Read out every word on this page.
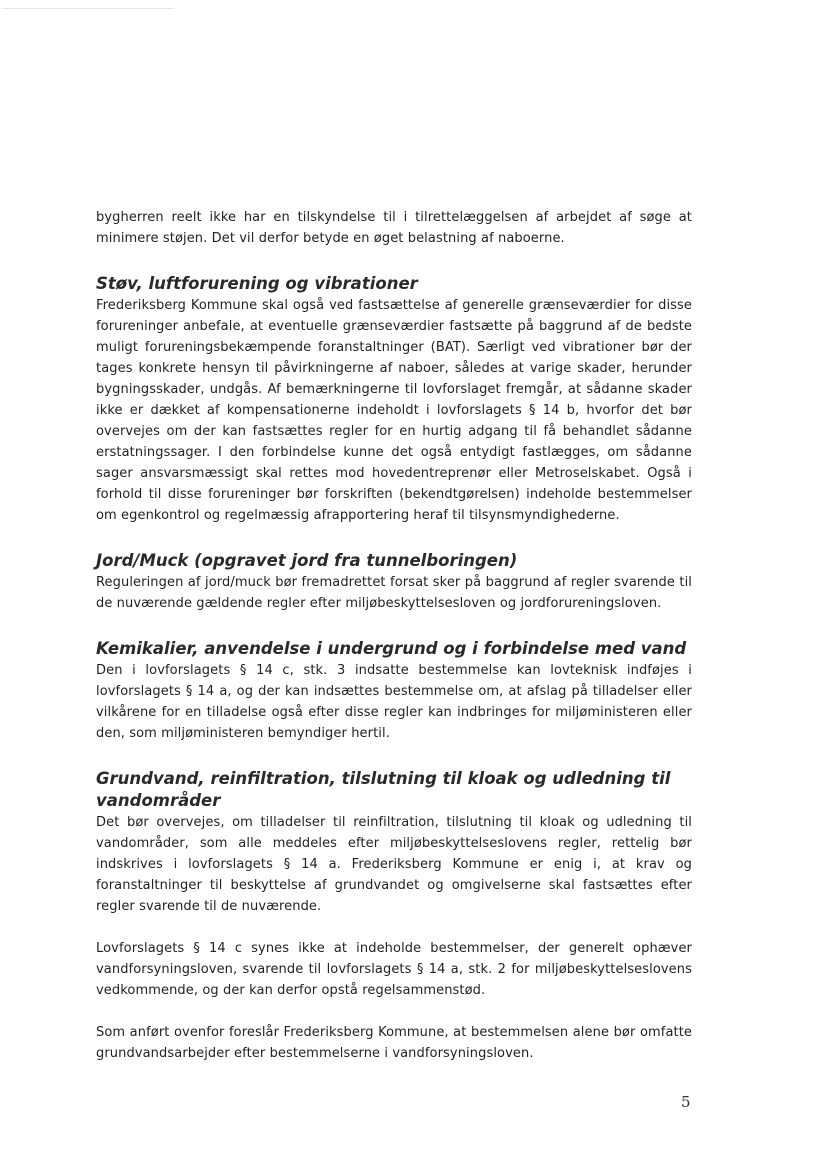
bygherren reelt ikke har en tilskyndelse til i tilrettelæggelsen af arbejdet af søge at minimere støjen. Det vil derfor betyde en øget belastning af naboerne.

Støv, luftforurening og vibrationer

Frederiksberg Kommune skal også ved fastsættelse af generelle grænseværdier for disse forureninger anbefale, at eventuelle grænseværdier fastsætte på baggrund af de bedste muligt forureningsbekæmpende foranstaltninger (BAT). Særligt ved vibrationer bør der tages konkrete hensyn til påvirkningerne af naboer, således at varige skader, herunder bygningsskader, undgås. Af bemærkningerne til lovforslaget fremgår, at sådanne skader ikke er dækket af kompensationerne indeholdt i lovforslagets § 14 b, hvorfor det bør overvejes om der kan fastsættes regler for en hurtig adgang til få behandlet sådanne erstatningssager. I den forbindelse kunne det også entydigt fastlægges, om sådanne sager ansvarsmæssigt skal rettes mod hovedentreprenør eller Metroselskabet. Også i forhold til disse forureninger bør forskriften (bekendtgørelsen) indeholde bestemmelser om egenkontrol og regelmæssig afrapportering heraf til tilsynsmyndighederne.

Jord/Muck (opgravet jord fra tunnelboringen)

Reguleringen af jord/muck bør fremadrettet forsat sker på baggrund af regler svarende til de nuværende gældende regler efter miljøbeskyttelsesloven og jordforureningsloven.

Kemikalier, anvendelse i undergrund og i forbindelse med vand

Den i lovforslagets § 14 c, stk. 3 indsatte bestemmelse kan lovteknisk indføjes i lovforslagets § 14 a, og der kan indsættes bestemmelse om, at afslag på tilladelser eller vilkårene for en tilladelse også efter disse regler kan indbringes for miljøministeren eller den, som miljøministeren bemyndiger hertil.

Grundvand, reinfiltration, tilslutning til kloak og udledning til vandområder

Det bør overvejes, om tilladelser til reinfiltration, tilslutning til kloak og udledning til vandområder, som alle meddeles efter miljøbeskyttelseslovens regler, rettelig bør indskrives i lovforslagets § 14 a. Frederiksberg Kommune er enig i, at krav og foranstaltninger til beskyttelse af grundvandet og omgivelserne skal fastsættes efter regler svarende til de nuværende.

Lovforslagets § 14 c synes ikke at indeholde bestemmelser, der generelt ophæver vandforsyningsloven, svarende til lovforslagets § 14 a, stk. 2 for miljøbeskyttelseslovens vedkommende, og der kan derfor opstå regelsammenstød.

Som anført ovenfor foreslår Frederiksberg Kommune, at bestemmelsen alene bør omfatte grundvandsarbejder efter bestemmelserne i vandforsyningsloven.

5
